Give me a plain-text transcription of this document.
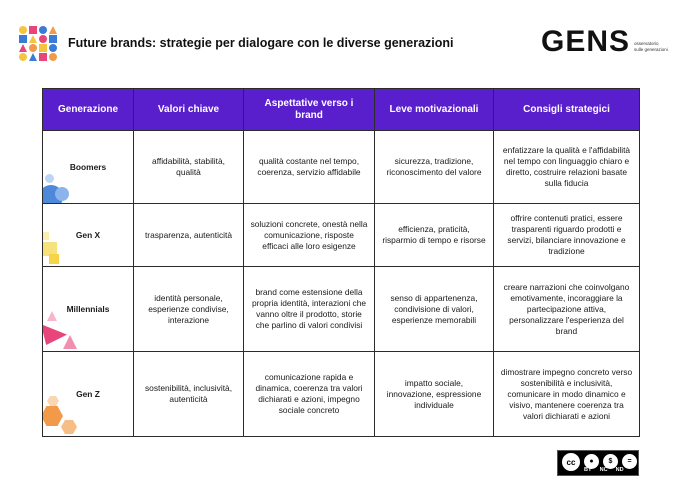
Future brands: strategie per dialogare con le diverse generazioni	GENS osservatorio sulle generazioni
Generazione	Valori chiave	Aspettative verso i brand	Leve motivazionali	Consigli strategici
Boomers	affidabilità, stabilità, qualità	qualità costante nel tempo, coerenza, servizio affidabile	sicurezza, tradizione, riconoscimento del valore	enfatizzare la qualità e l'affidabilità nel tempo con linguaggio chiaro e diretto, costruire relazioni basate sulla fiducia
Gen X	trasparenza, autenticità	soluzioni concrete, onestà nella comunicazione, risposte efficaci alle loro esigenze	efficienza, praticità, risparmio di tempo e risorse	offrire contenuti pratici, essere trasparenti riguardo prodotti e servizi, bilanciare innovazione e tradizione
Millennials	identità personale, esperienze condivise, interazione	brand come estensione della propria identità, interazioni che vanno oltre il prodotto, storie che parlino di valori condivisi	senso di appartenenza, condivisione di valori, esperienze memorabili	creare narrazioni che coinvolgano emotivamente, incoraggiare la partecipazione attiva, personalizzare l'esperienza del brand
Gen Z	sostenibilità, inclusività, autenticità	comunicazione rapida e dinamica, coerenza tra valori dichiarati e azioni, impegno sociale concreto	impatto sociale, innovazione, espressione individuale	dimostrare impegno concreto verso sostenibilità e inclusività, comunicare in modo dinamico e visivo, mantenere coerenza tra valori dichiarati e azioni
cc	●	$	=
BY NC ND
